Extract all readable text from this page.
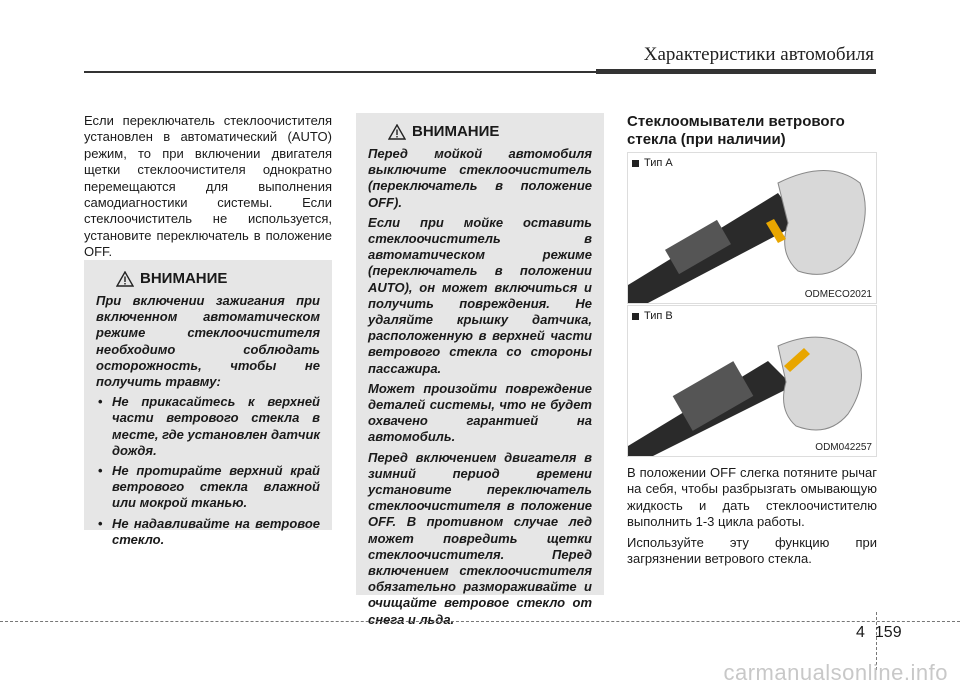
Характеристики автомобиля

Если переключатель стеклоочистителя установлен в автоматический (AUTO) режим, то при включении двигателя щетки стеклоочистителя однократно перемещаются для выполнения самодиагностики системы. Если стеклоочиститель не используется, установите переключатель в положение OFF.

ВНИМАНИЕ

При включении зажигания при включенном автоматическом режиме стеклоочистителя необходимо соблюдать осторожность, чтобы не получить травму:

• Не прикасайтесь к верхней части ветрового стекла в месте, где установлен датчик дождя.
• Не протирайте верхний край ветрового стекла влажной или мокрой тканью.
• Не надавливайте на ветровое стекло.
ВНИМАНИЕ

Перед мойкой автомобиля выключите стеклоочиститель (переключатель в положение OFF).

Если при мойке оставить стеклоочиститель в автоматическом режиме (переключатель в положении AUTO), он может включиться и получить повреждения. Не удаляйте крышку датчика, расположенную в верхней части ветрового стекла со стороны пассажира.

Может произойти повреждение деталей системы, что не будет охвачено гарантией на автомобиль.

Перед включением двигателя в зимний период времени установите переключатель стеклоочистителя в положение OFF. В противном случае лед может повредить щетки стеклоочистителя. Перед включением стеклоочистителя обязательно размораживайте и очищайте ветровое стекло от снега и льда.

Стеклоомыватели ветрового стекла (при наличии)
Тип A
ODMECO2021
Тип B
ODM042257

В положении OFF слегка потяните рычаг на себя, чтобы разбрызгать омывающую жидкость и дать стеклоочистителю выполнить 1-3 цикла работы.

Используйте эту функцию при загрязнении ветрового стекла.

4 159
carmanualsonline.info
